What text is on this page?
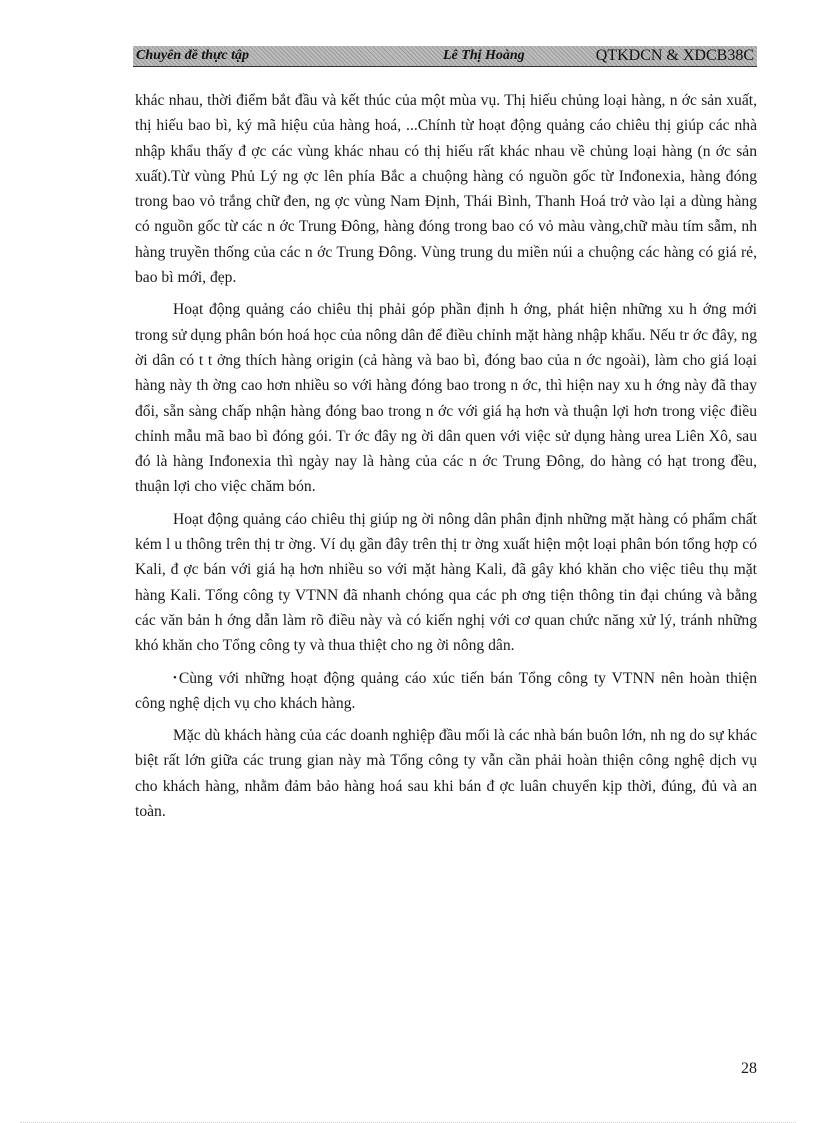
Chuyên đề thực tập	Lê Thị Hoàng	QTKDCN & XDCB38C

khác nhau, thời điểm bắt đầu và kết thúc của một mùa vụ. Thị hiếu chủng loại hàng, n ớc sản xuất, thị hiếu bao bì, ký mã hiệu của hàng hoá, ...Chính từ hoạt động quảng cáo chiêu thị giúp các nhà nhập khẩu thấy đ ợc các vùng khác nhau có thị hiếu rất khác nhau về chủng loại hàng (n ớc sản xuất).Từ vùng Phủ Lý ng ợc lên phía Bắc a chuộng hàng có nguồn gốc từ Inđonexia, hàng đóng trong bao vỏ trắng chữ đen, ng ợc vùng Nam Định, Thái Bình, Thanh Hoá trở vào lại a dùng hàng có nguồn gốc từ các n ớc Trung Đông, hàng đóng trong bao có vỏ màu vàng,chữ màu tím sẫm, nh hàng truyền thống của các n ớc Trung Đông. Vùng trung du miền núi a chuộng các hàng có giá rẻ, bao bì mới, đẹp.

Hoạt động quảng cáo chiêu thị phải góp phần định h ớng, phát hiện những xu h ớng mới trong sử dụng phân bón hoá học của nông dân để điều chỉnh mặt hàng nhập khẩu. Nếu tr ớc đây, ng ời dân có t t ởng thích hàng origin (cả hàng và bao bì, đóng bao của n ớc ngoài), làm cho giá loại hàng này th ờng cao hơn nhiều so với hàng đóng bao trong n ớc, thì hiện nay xu h ớng này đã thay đổi, sẵn sàng chấp nhận hàng đóng bao trong n ớc với giá hạ hơn và thuận lợi hơn trong việc điều chỉnh mẫu mã bao bì đóng gói. Tr ớc đây ng ời dân quen với việc sử dụng hàng urea Liên Xô, sau đó là hàng Inđonexia thì ngày nay là hàng của các n ớc Trung Đông, do hàng có hạt trong đều, thuận lợi cho việc chăm bón.

Hoạt động quảng cáo chiêu thị giúp ng ời nông dân phân định những mặt hàng có phẩm chất kém l u thông trên thị tr ờng. Ví dụ gần đây trên thị tr ờng xuất hiện một loại phân bón tổng hợp có Kali, đ ợc bán với giá hạ hơn nhiều so với mặt hàng Kali, đã gây khó khăn cho việc tiêu thụ mặt hàng Kali. Tổng công ty VTNN đã nhanh chóng qua các ph ơng tiện thông tin đại chúng và bằng các văn bản h ớng dẫn làm rõ điều này và có kiến nghị với cơ quan chức năng xử lý, tránh những khó khăn cho Tổng công ty và thua thiệt cho ng ời nông dân.

• Cùng với những hoạt động quảng cáo xúc tiến bán Tổng công ty VTNN nên hoàn thiện công nghệ dịch vụ cho khách hàng.

Mặc dù khách hàng của các doanh nghiệp đầu mối là các nhà bán buôn lớn, nh ng do sự khác biệt rất lớn giữa các trung gian này mà Tổng công ty vẫn cần phải hoàn thiện công nghệ dịch vụ cho khách hàng, nhằm đảm bảo hàng hoá sau khi bán đ ợc luân chuyển kịp thời, đúng, đủ và an toàn.

28
